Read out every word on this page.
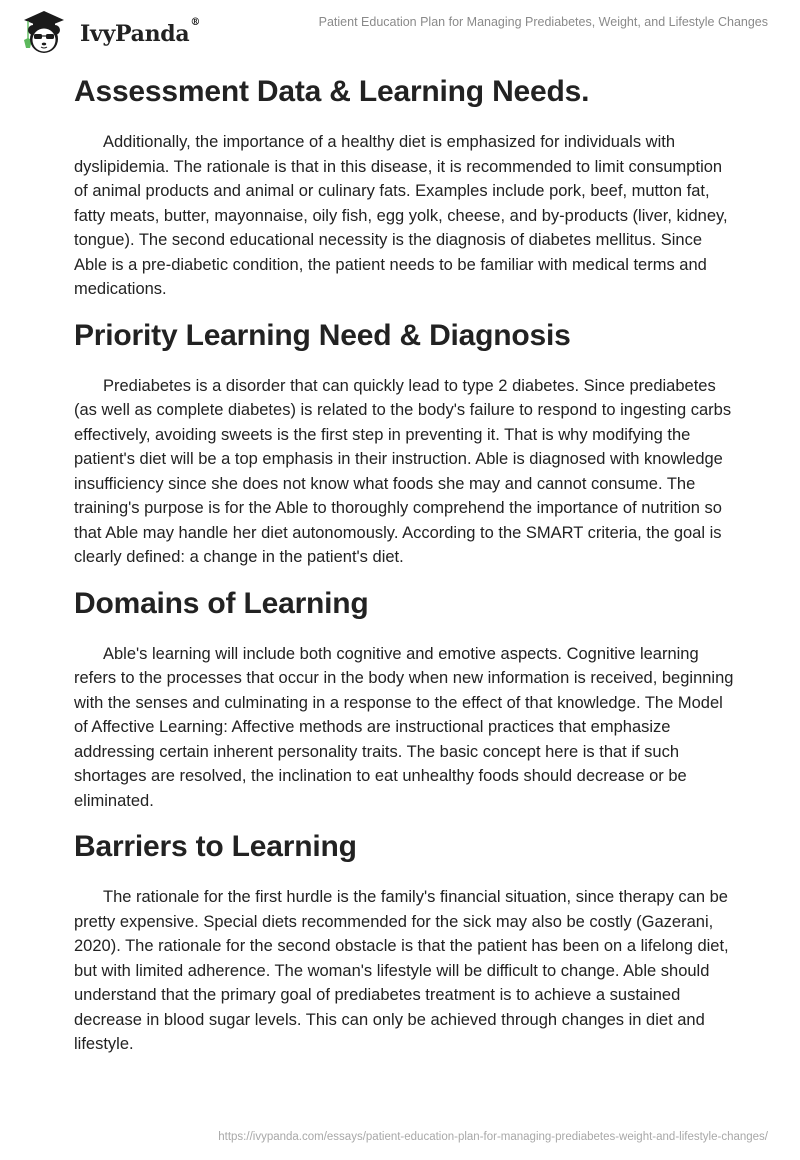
IvyPanda®	Patient Education Plan for Managing Prediabetes, Weight, and Lifestyle Changes
Assessment Data & Learning Needs.

Additionally, the importance of a healthy diet is emphasized for individuals with dyslipidemia. The rationale is that in this disease, it is recommended to limit consumption of animal products and animal or culinary fats. Examples include pork, beef, mutton fat, fatty meats, butter, mayonnaise, oily fish, egg yolk, cheese, and by-products (liver, kidney, tongue). The second educational necessity is the diagnosis of diabetes mellitus. Since Able is a pre-diabetic condition, the patient needs to be familiar with medical terms and medications.

Priority Learning Need & Diagnosis

Prediabetes is a disorder that can quickly lead to type 2 diabetes. Since prediabetes (as well as complete diabetes) is related to the body's failure to respond to ingesting carbs effectively, avoiding sweets is the first step in preventing it. That is why modifying the patient's diet will be a top emphasis in their instruction. Able is diagnosed with knowledge insufficiency since she does not know what foods she may and cannot consume. The training's purpose is for the Able to thoroughly comprehend the importance of nutrition so that Able may handle her diet autonomously. According to the SMART criteria, the goal is clearly defined: a change in the patient's diet.

Domains of Learning

Able's learning will include both cognitive and emotive aspects. Cognitive learning refers to the processes that occur in the body when new information is received, beginning with the senses and culminating in a response to the effect of that knowledge. The Model of Affective Learning: Affective methods are instructional practices that emphasize addressing certain inherent personality traits. The basic concept here is that if such shortages are resolved, the inclination to eat unhealthy foods should decrease or be eliminated.

Barriers to Learning

The rationale for the first hurdle is the family's financial situation, since therapy can be pretty expensive. Special diets recommended for the sick may also be costly (Gazerani, 2020). The rationale for the second obstacle is that the patient has been on a lifelong diet, but with limited adherence. The woman's lifestyle will be difficult to change. Able should understand that the primary goal of prediabetes treatment is to achieve a sustained decrease in blood sugar levels. This can only be achieved through changes in diet and lifestyle.

https://ivypanda.com/essays/patient-education-plan-for-managing-prediabetes-weight-and-lifestyle-changes/
